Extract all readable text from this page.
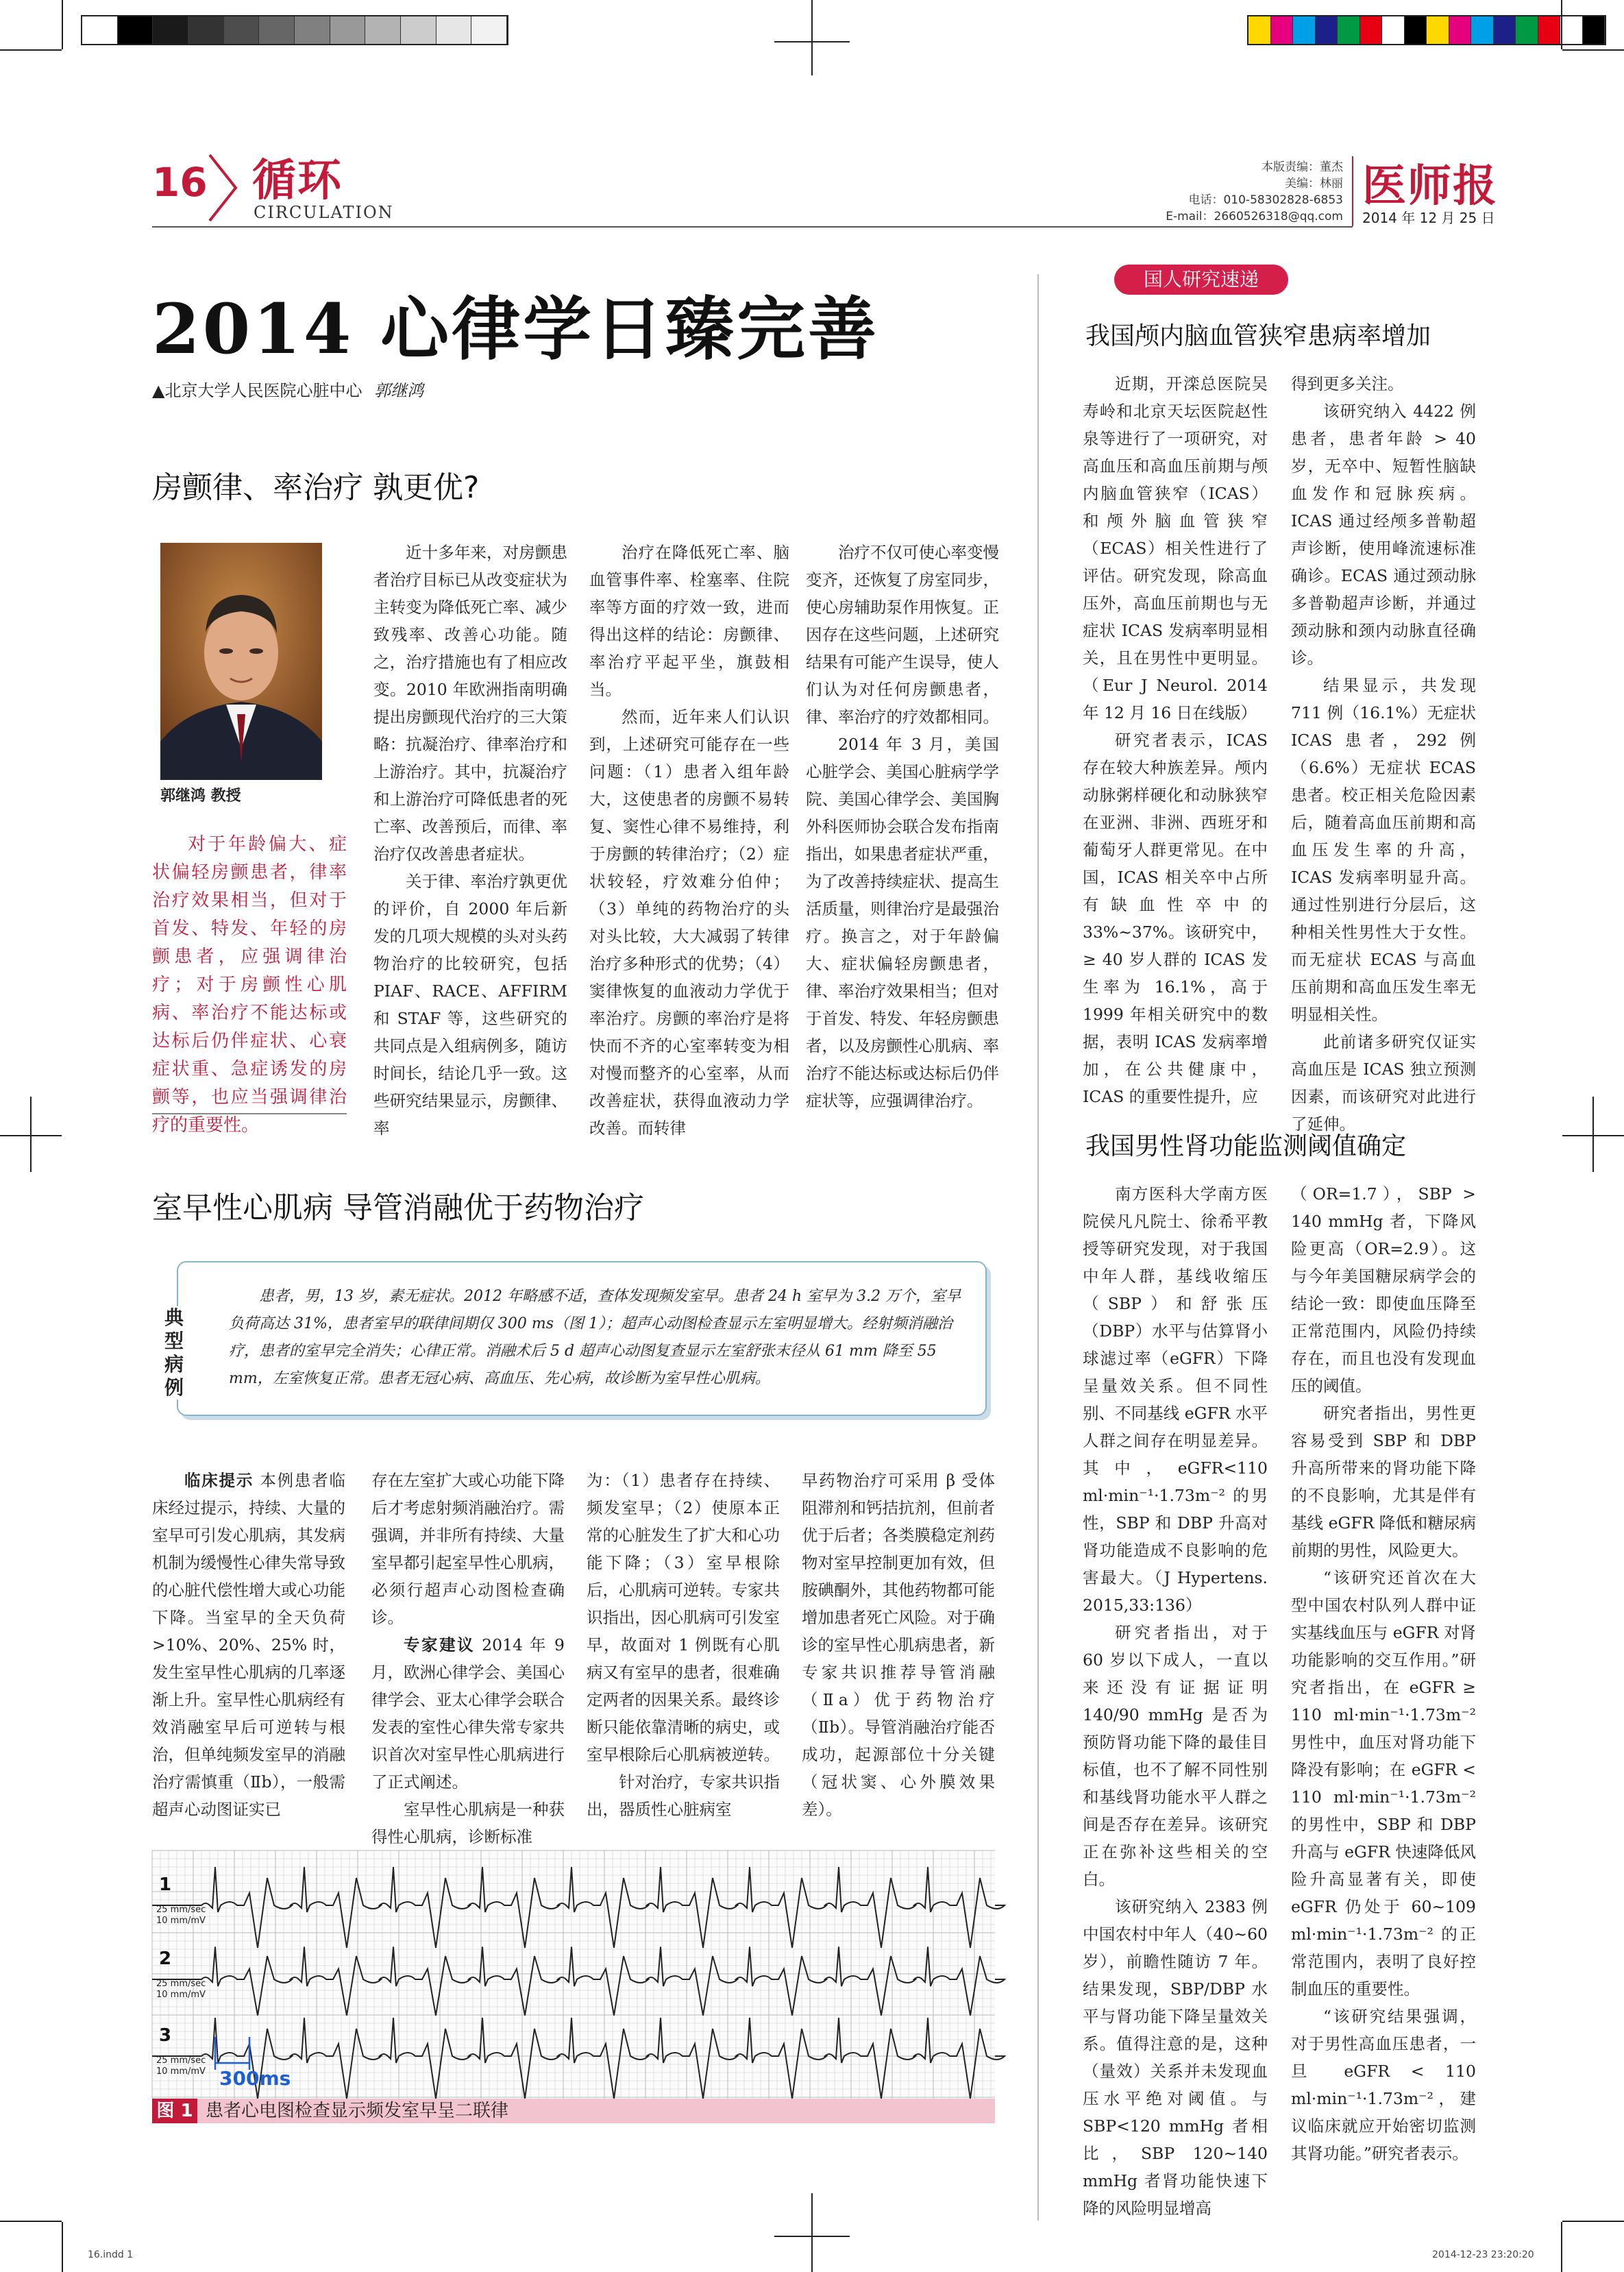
16 循环
CIRCULATION
本版责编：董杰
美编：林丽
电话：010-58302828-6853
E-mail：2660526318@qq.com
医师报
2014 年 12 月 25 日
2014 心律学日臻完善
▲北京大学人民医院心脏中心 郭继鸿
房颤律、率治疗 孰更优?
郭继鸿 教授

对于年龄偏大、症状偏轻房颤患者，律率治疗效果相当，但对于首发、特发、年轻的房颤患者，应强调律治疗；对于房颤性心肌病、率治疗不能达标或达标后仍伴症状、心衰症状重、急症诱发的房颤等，也应当强调律治疗的重要性。

近十多年来，对房颤患者治疗目标已从改变症状为主转变为降低死亡率、减少致残率、改善心功能。随之，治疗措施也有了相应改变。2010 年欧洲指南明确提出房颤现代治疗的三大策略：抗凝治疗、律率治疗和上游治疗。其中，抗凝治疗和上游治疗可降低患者的死亡率、改善预后，而律、率治疗仅改善患者症状。

关于律、率治疗孰更优的评价，自 2000 年后新发的几项大规模的头对头药物治疗的比较研究，包括 PIAF、RACE、AFFIRM 和 STAF 等，这些研究的共同点是入组病例多，随访时间长，结论几乎一致。这些研究结果显示，房颤律、率

治疗在降低死亡率、脑血管事件率、栓塞率、住院率等方面的疗效一致，进而得出这样的结论：房颤律、率治疗平起平坐，旗鼓相当。

然而，近年来人们认识到，上述研究可能存在一些问题：（1）患者入组年龄大，这使患者的房颤不易转复、窦性心律不易维持，利于房颤的转律治疗；（2）症状较轻，疗效难分伯仲；（3）单纯的药物治疗的头对头比较，大大减弱了转律治疗多种形式的优势；（4）窦律恢复的血液动力学优于率治疗。房颤的率治疗是将快而不齐的心室率转变为相对慢而整齐的心室率，从而改善症状，获得血液动力学改善。而转律

治疗不仅可使心率变慢变齐，还恢复了房室同步，使心房辅助泵作用恢复。正因存在这些问题，上述研究结果有可能产生误导，使人们认为对任何房颤患者，律、率治疗的疗效都相同。

2014 年 3 月，美国心脏学会、美国心脏病学学院、美国心律学会、美国胸外科医师协会联合发布指南指出，如果患者症状严重，为了改善持续症状、提高生活质量，则律治疗是最强治疗。换言之，对于年龄偏大、症状偏轻房颤患者，律、率治疗效果相当；但对于首发、特发、年轻房颤患者，以及房颤性心肌病、率治疗不能达标或达标后仍伴症状等，应强调律治疗。

室早性心肌病 导管消融优于药物治疗
典型病例

患者，男，13 岁，素无症状。2012 年略感不适，查体发现频发室早。患者 24 h 室早为 3.2 万个，室早负荷高达 31%，患者室早的联律间期仅 300 ms（图 1）；超声心动图检查显示左室明显增大。经射频消融治疗，患者的室早完全消失；心律正常。消融术后 5 d 超声心动图复查显示左室舒张末径从 61 mm 降至 55 mm，左室恢复正常。患者无冠心病、高血压、先心病，故诊断为室早性心肌病。

临床提示 本例患者临床经过提示，持续、大量的室早可引发心肌病，其发病机制为缓慢性心律失常导致的心脏代偿性增大或心功能下降。当室早的全天负荷 >10%、20%、25% 时，发生室早性心肌病的几率逐渐上升。室早性心肌病经有效消融室早后可逆转与根治，但单纯频发室早的消融治疗需慎重（Ⅱb），一般需超声心动图证实已

存在左室扩大或心功能下降后才考虑射频消融治疗。需强调，并非所有持续、大量室早都引起室早性心肌病，必须行超声心动图检查确诊。

专家建议 2014 年 9 月，欧洲心律学会、美国心律学会、亚太心律学会联合发表的室性心律失常专家共识首次对室早性心肌病进行了正式阐述。

室早性心肌病是一种获得性心肌病，诊断标准

为：（1）患者存在持续、频发室早；（2）使原本正常的心脏发生了扩大和心功能下降；（3）室早根除后，心肌病可逆转。专家共识指出，因心肌病可引发室早，故面对 1 例既有心肌病又有室早的患者，很难确定两者的因果关系。最终诊断只能依靠清晰的病史，或室早根除后心肌病被逆转。

针对治疗，专家共识指出，器质性心脏病室

早药物治疗可采用 β 受体阻滞剂和钙拮抗剂，但前者优于后者；各类膜稳定剂药物对室早控制更加有效，但胺碘酮外，其他药物都可能增加患者死亡风险。对于确诊的室早性心肌病患者，新专家共识推荐导管消融（Ⅱa）优于药物治疗（Ⅱb）。导管消融治疗能否成功，起源部位十分关键（冠状窦、心外膜效果差）。

1
25 mm/sec
10 mm/mV
2
25 mm/sec
10 mm/mV
3
25 mm/sec
10 mm/mV 300ms
图 1 患者心电图检查显示频发室早呈二联律
国人研究速递
我国颅内脑血管狭窄患病率增加

近期，开滦总医院吴寿岭和北京天坛医院赵性泉等进行了一项研究，对高血压和高血压前期与颅内脑血管狭窄（ICAS）和颅外脑血管狭窄（ECAS）相关性进行了评估。研究发现，除高血压外，高血压前期也与无症状 ICAS 发病率明显相关，且在男性中更明显。（Eur J Neurol. 2014 年 12 月 16 日在线版）

研究者表示，ICAS 存在较大种族差异。颅内动脉粥样硬化和动脉狭窄在亚洲、非洲、西班牙和葡萄牙人群更常见。在中国，ICAS 相关卒中占所有缺血性卒中的 33%~37%。该研究中，≥ 40 岁人群的 ICAS 发生率为 16.1%，高于 1999 年相关研究中的数据，表明 ICAS 发病率增加，在公共健康中，ICAS 的重要性提升，应

得到更多关注。

该研究纳入 4422 例患者，患者年龄 > 40 岁，无卒中、短暂性脑缺血发作和冠脉疾病。ICAS 通过经颅多普勒超声诊断，使用峰流速标准确诊。ECAS 通过颈动脉多普勒超声诊断，并通过颈动脉和颈内动脉直径确诊。

结果显示，共发现 711 例（16.1%）无症状 ICAS 患者，292 例（6.6%）无症状 ECAS 患者。校正相关危险因素后，随着高血压前期和高血压发生率的升高，ICAS 发病率明显升高。通过性别进行分层后，这种相关性男性大于女性。而无症状 ECAS 与高血压前期和高血压发生率无明显相关性。

此前诸多研究仅证实高血压是 ICAS 独立预测因素，而该研究对此进行了延伸。

我国男性肾功能监测阈值确定

南方医科大学南方医院侯凡凡院士、徐希平教授等研究发现，对于我国中年人群，基线收缩压（SBP）和舒张压（DBP）水平与估算肾小球滤过率（eGFR）下降呈量效关系。但不同性别、不同基线 eGFR 水平人群之间存在明显差异。其中，eGFR<110 ml·min⁻¹·1.73m⁻² 的男性，SBP 和 DBP 升高对肾功能造成不良影响的危害最大。（J Hypertens. 2015,33:136）

研究者指出，对于 60 岁以下成人，一直以来还没有证据证明 140/90 mmHg 是否为预防肾功能下降的最佳目标值，也不了解不同性别和基线肾功能水平人群之间是否存在差异。该研究正在弥补这些相关的空白。

该研究纳入 2383 例中国农村中年人（40~60 岁），前瞻性随访 7 年。结果发现，SBP/DBP 水平与肾功能下降呈量效关系。值得注意的是，这种（量效）关系并未发现血压水平绝对阈值。与 SBP<120 mmHg 者相比，SBP 120~140 mmHg 者肾功能快速下降的风险明显增高

（OR=1.7），SBP > 140 mmHg 者，下降风险更高（OR=2.9）。这与今年美国糖尿病学会的结论一致：即使血压降至正常范围内，风险仍持续存在，而且也没有发现血压的阈值。

研究者指出，男性更容易受到 SBP 和 DBP 升高所带来的肾功能下降的不良影响，尤其是伴有基线 eGFR 降低和糖尿病前期的男性，风险更大。

“该研究还首次在大型中国农村队列人群中证实基线血压与 eGFR 对肾功能影响的交互作用。”研究者指出，在 eGFR ≥ 110 ml·min⁻¹·1.73m⁻² 男性中，血压对肾功能下降没有影响；在 eGFR < 110 ml·min⁻¹·1.73m⁻² 的男性中，SBP 和 DBP 升高与 eGFR 快速降低风险升高显著有关，即使 eGFR 仍处于 60~109 ml·min⁻¹·1.73m⁻² 的正常范围内，表明了良好控制血压的重要性。

“该研究结果强调，对于男性高血压患者，一旦 eGFR < 110 ml·min⁻¹·1.73m⁻²，建议临床就应开始密切监测其肾功能。”研究者表示。

16.indd 1	2014-12-23 23:20:20
